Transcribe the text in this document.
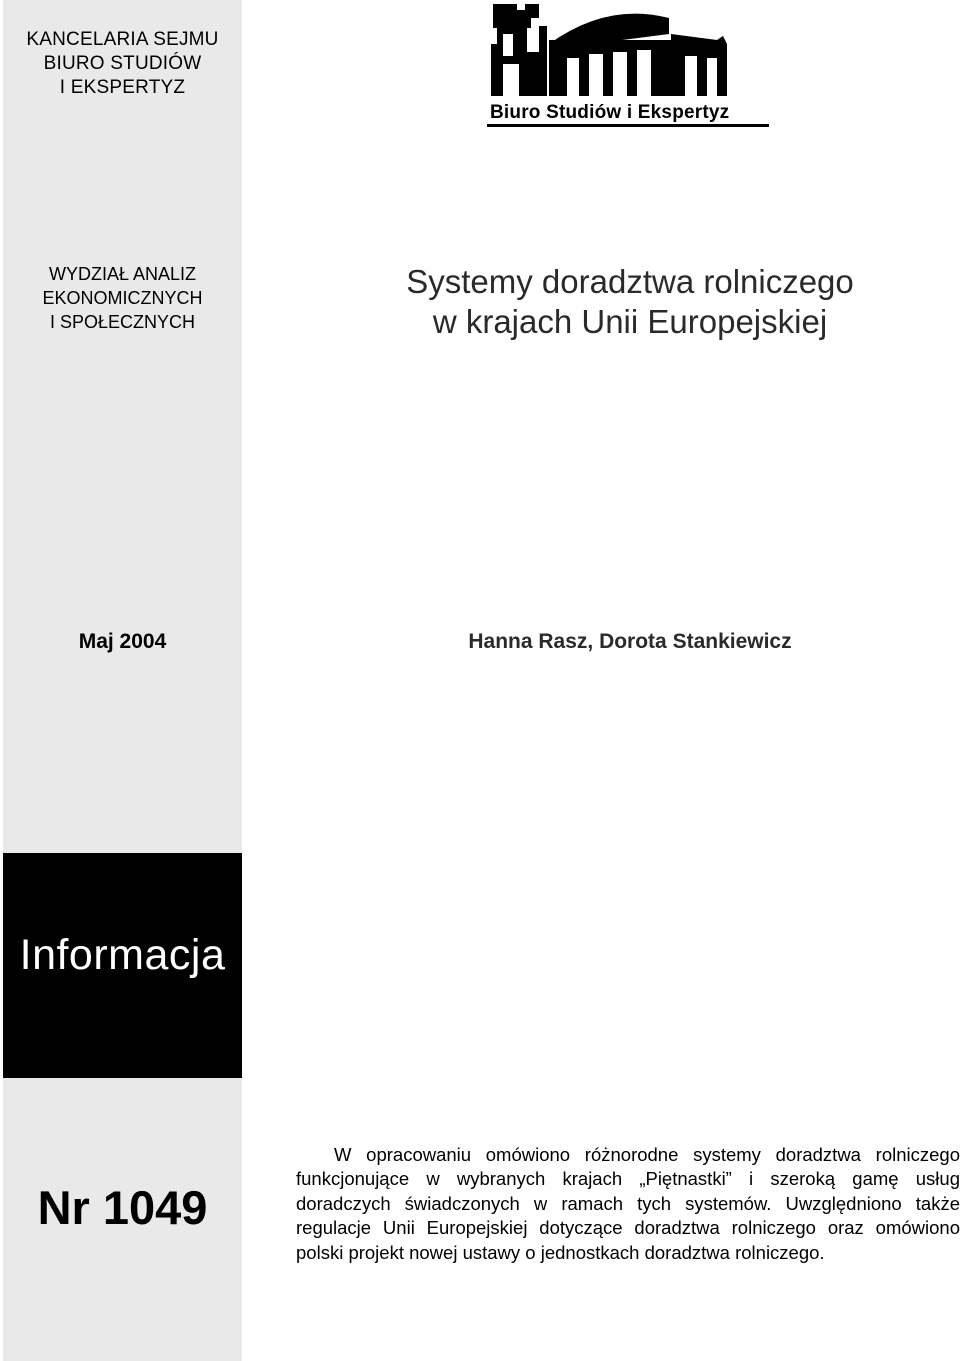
KANCELARIA SEJMU
BIURO STUDIÓW
I EKSPERTYZ
WYDZIAŁ ANALIZ
EKONOMICZNYCH
I SPOŁECZNYCH
Maj 2004
Informacja
Nr 1049
Biuro Studiów i Ekspertyz
Systemy doradztwa rolniczego
w krajach Unii Europejskiej
Hanna Rasz, Dorota Stankiewicz
W opracowaniu omówiono różnorodne systemy doradztwa rolniczego funkcjonujące w wybranych krajach „Piętnastki” i szeroką gamę usług doradczych świadczonych w ramach tych systemów. Uwzględniono także regulacje Unii Europejskiej dotyczące doradztwa rolniczego oraz omówiono polski projekt nowej ustawy o jednostkach doradztwa rolniczego.
